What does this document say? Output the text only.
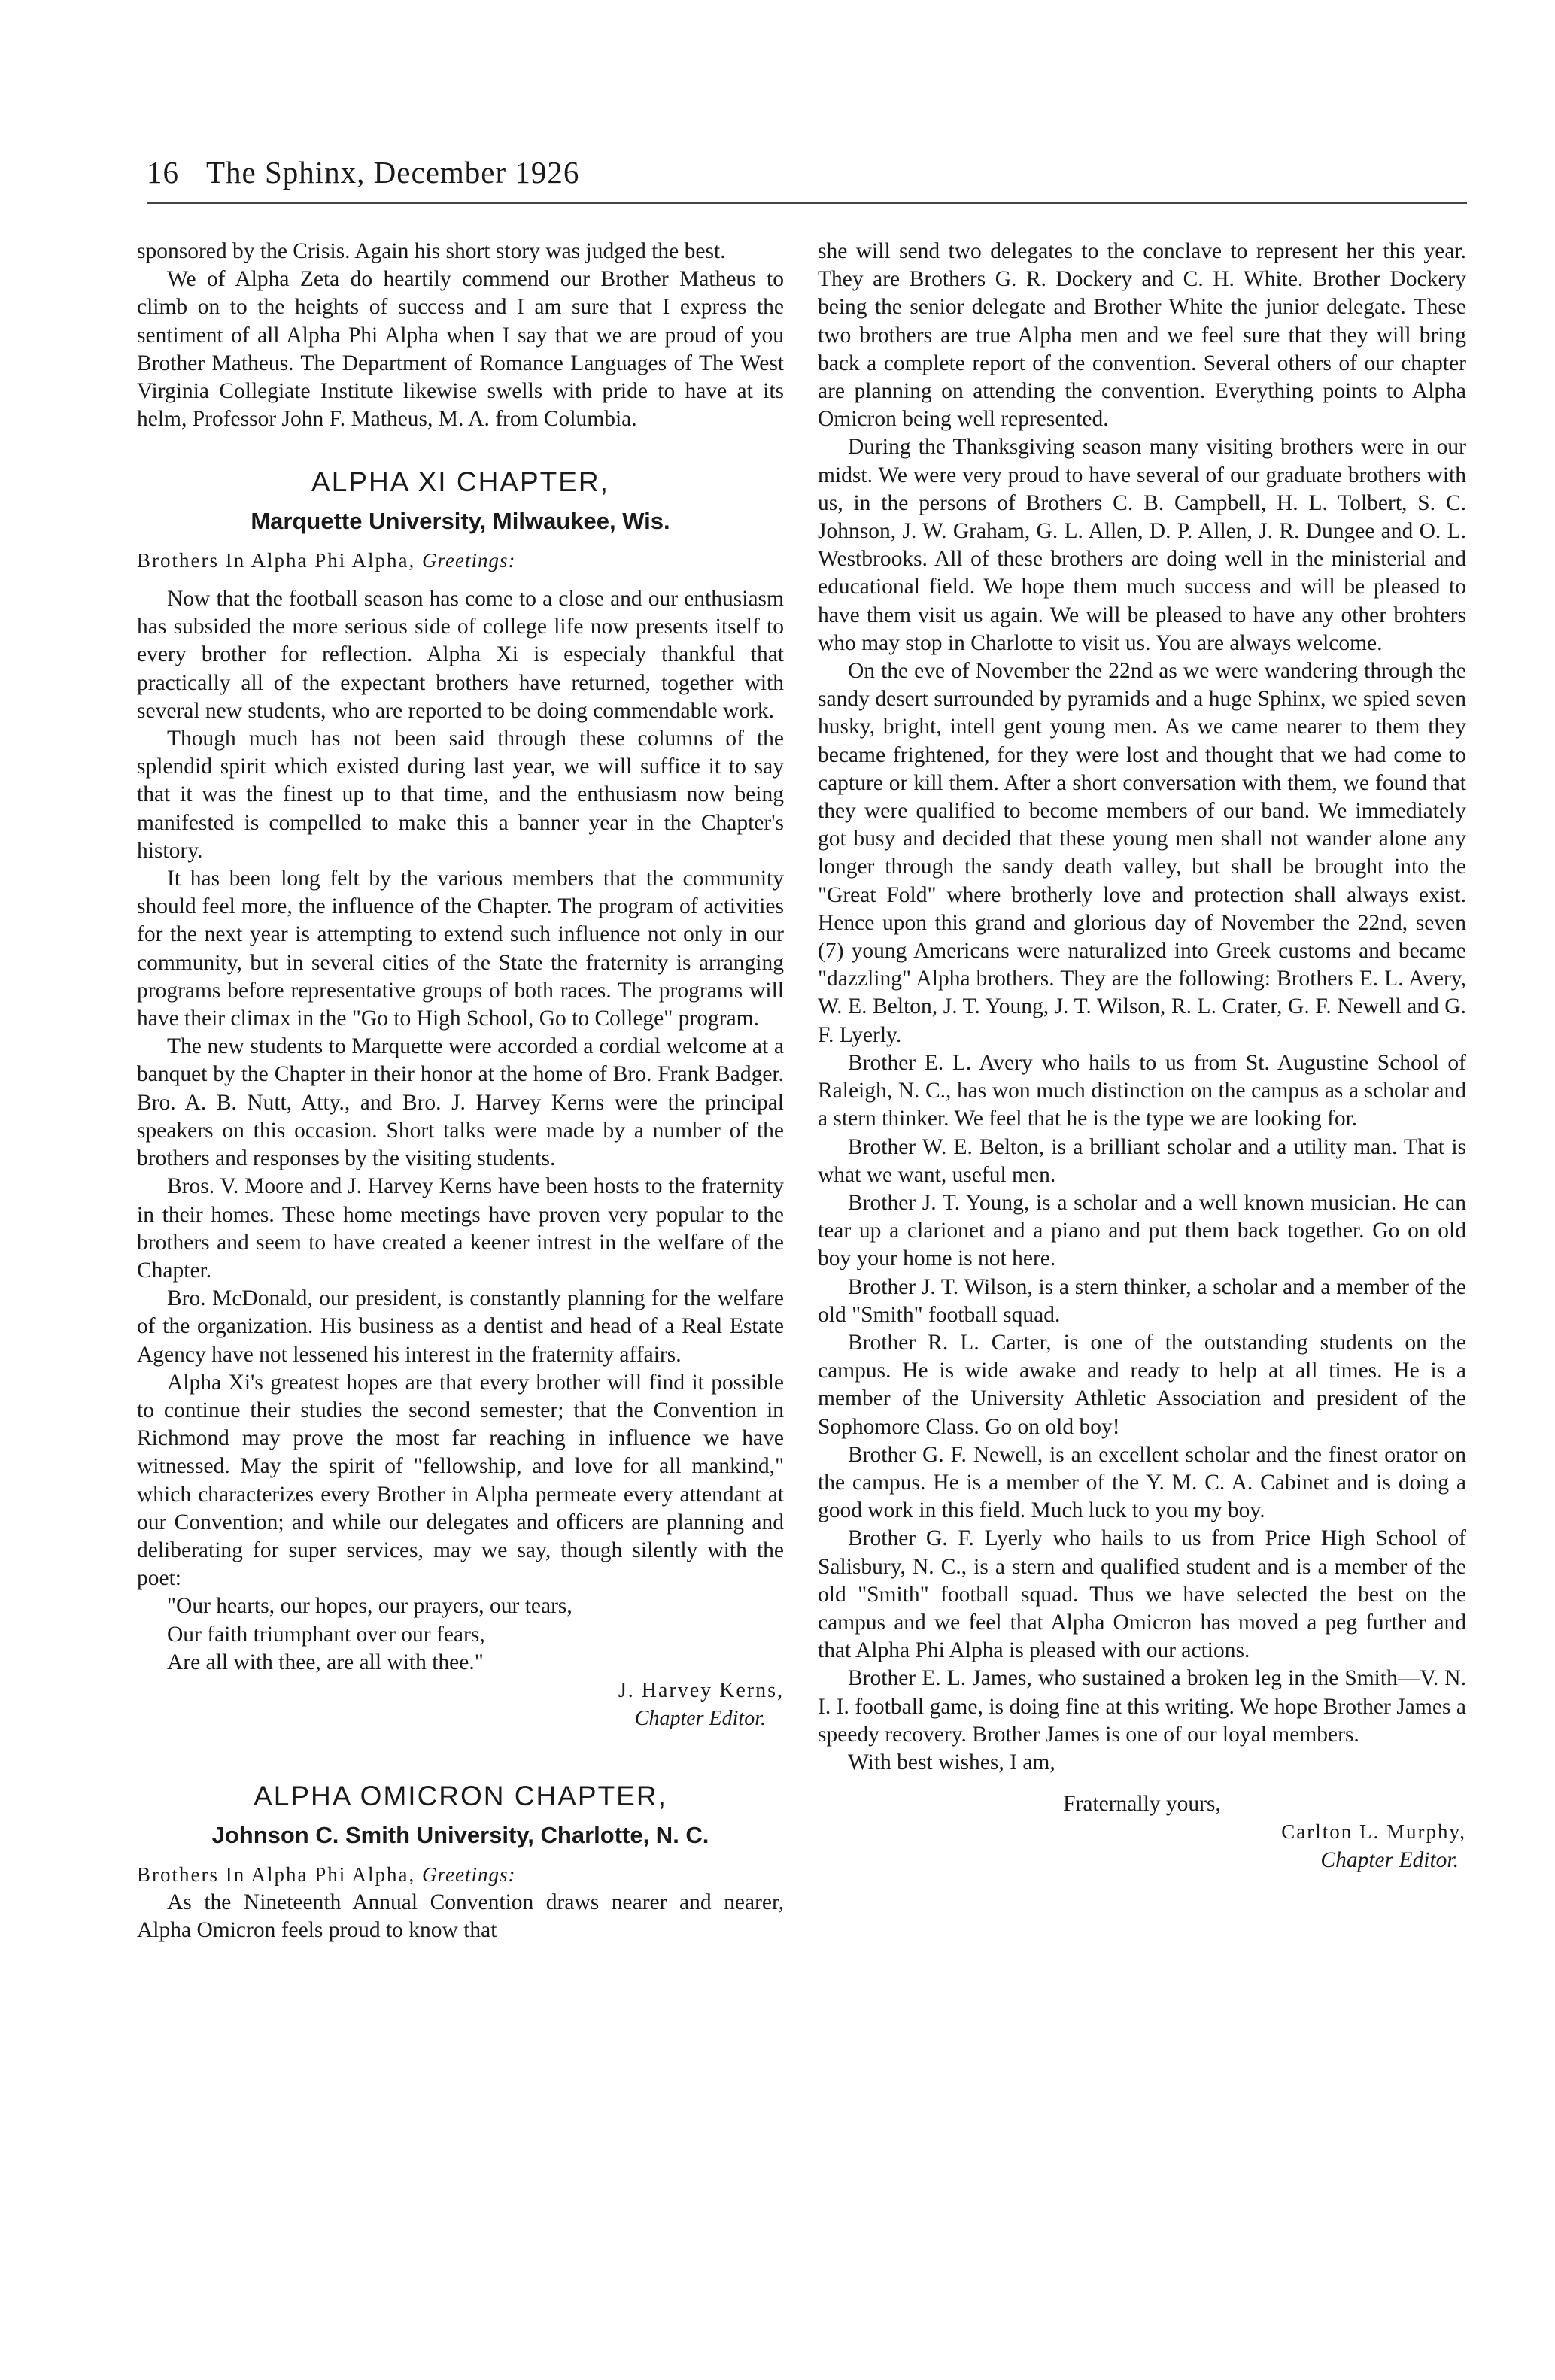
16 The Sphinx, December 1926

sponsored by the Crisis. Again his short story was judged the best.

We of Alpha Zeta do heartily commend our Brother Matheus to climb on to the heights of success and I am sure that I express the sentiment of all Alpha Phi Alpha when I say that we are proud of you Brother Matheus. The Department of Romance Languages of The West Virginia Collegiate Institute likewise swells with pride to have at its helm, Professor John F. Matheus, M. A. from Columbia.

ALPHA XI CHAPTER,
Marquette University, Milwaukee, Wis.

Brothers In Alpha Phi Alpha, Greetings:

Now that the football season has come to a close and our enthusiasm has subsided the more serious side of college life now presents itself to every brother for reflection. Alpha Xi is especialy thankful that practically all of the expectant brothers have returned, together with several new students, who are reported to be doing commendable work.

Though much has not been said through these columns of the splendid spirit which existed during last year, we will suffice it to say that it was the finest up to that time, and the enthusiasm now being manifested is compelled to make this a banner year in the Chapter's history.

It has been long felt by the various members that the community should feel more, the influence of the Chapter. The program of activities for the next year is attempting to extend such influence not only in our community, but in several cities of the State the fraternity is arranging programs before representative groups of both races. The programs will have their climax in the "Go to High School, Go to College" program.

The new students to Marquette were accorded a cordial welcome at a banquet by the Chapter in their honor at the home of Bro. Frank Badger. Bro. A. B. Nutt, Atty., and Bro. J. Harvey Kerns were the principal speakers on this occasion. Short talks were made by a number of the brothers and responses by the visiting students.

Bros. V. Moore and J. Harvey Kerns have been hosts to the fraternity in their homes. These home meetings have proven very popular to the brothers and seem to have created a keener intrest in the welfare of the Chapter.

Bro. McDonald, our president, is constantly planning for the welfare of the organization. His business as a dentist and head of a Real Estate Agency have not lessened his interest in the fraternity affairs.

Alpha Xi's greatest hopes are that every brother will find it possible to continue their studies the second semester; that the Convention in Richmond may prove the most far reaching in influence we have witnessed. May the spirit of "fellowship, and love for all mankind," which characterizes every Brother in Alpha permeate every attendant at our Convention; and while our delegates and officers are planning and deliberating for super services, may we say, though silently with the poet:

"Our hearts, our hopes, our prayers, our tears,
Our faith triumphant over our fears,
Are all with thee, are all with thee."

J. Harvey Kerns,

Chapter Editor.

ALPHA OMICRON CHAPTER,
Johnson C. Smith University, Charlotte, N. C.

Brothers In Alpha Phi Alpha, Greetings:

As the Nineteenth Annual Convention draws nearer and nearer, Alpha Omicron feels proud to know that

she will send two delegates to the conclave to represent her this year. They are Brothers G. R. Dockery and C. H. White. Brother Dockery being the senior delegate and Brother White the junior delegate. These two brothers are true Alpha men and we feel sure that they will bring back a complete report of the convention. Several others of our chapter are planning on attending the convention. Everything points to Alpha Omicron being well represented.

During the Thanksgiving season many visiting brothers were in our midst. We were very proud to have several of our graduate brothers with us, in the persons of Brothers C. B. Campbell, H. L. Tolbert, S. C. Johnson, J. W. Graham, G. L. Allen, D. P. Allen, J. R. Dungee and O. L. Westbrooks. All of these brothers are doing well in the ministerial and educational field. We hope them much success and will be pleased to have them visit us again. We will be pleased to have any other brohters who may stop in Charlotte to visit us. You are always welcome.

On the eve of November the 22nd as we were wandering through the sandy desert surrounded by pyramids and a huge Sphinx, we spied seven husky, bright, intell gent young men. As we came nearer to them they became frightened, for they were lost and thought that we had come to capture or kill them. After a short conversation with them, we found that they were qualified to become members of our band. We immediately got busy and decided that these young men shall not wander alone any longer through the sandy death valley, but shall be brought into the "Great Fold" where brotherly love and protection shall always exist. Hence upon this grand and glorious day of November the 22nd, seven (7) young Americans were naturalized into Greek customs and became "dazzling" Alpha brothers. They are the following: Brothers E. L. Avery, W. E. Belton, J. T. Young, J. T. Wilson, R. L. Crater, G. F. Newell and G. F. Lyerly.

Brother E. L. Avery who hails to us from St. Augustine School of Raleigh, N. C., has won much distinction on the campus as a scholar and a stern thinker. We feel that he is the type we are looking for.

Brother W. E. Belton, is a brilliant scholar and a utility man. That is what we want, useful men.

Brother J. T. Young, is a scholar and a well known musician. He can tear up a clarionet and a piano and put them back together. Go on old boy your home is not here.

Brother J. T. Wilson, is a stern thinker, a scholar and a member of the old "Smith" football squad.

Brother R. L. Carter, is one of the outstanding students on the campus. He is wide awake and ready to help at all times. He is a member of the University Athletic Association and president of the Sophomore Class. Go on old boy!

Brother G. F. Newell, is an excellent scholar and the finest orator on the campus. He is a member of the Y. M. C. A. Cabinet and is doing a good work in this field. Much luck to you my boy.

Brother G. F. Lyerly who hails to us from Price High School of Salisbury, N. C., is a stern and qualified student and is a member of the old "Smith" football squad. Thus we have selected the best on the campus and we feel that Alpha Omicron has moved a peg further and that Alpha Phi Alpha is pleased with our actions.

Brother E. L. James, who sustained a broken leg in the Smith—V. N. I. I. football game, is doing fine at this writing. We hope Brother James a speedy recovery. Brother James is one of our loyal members.

With best wishes, I am,

Fraternally yours,

Carlton L. Murphy,

Chapter Editor.
